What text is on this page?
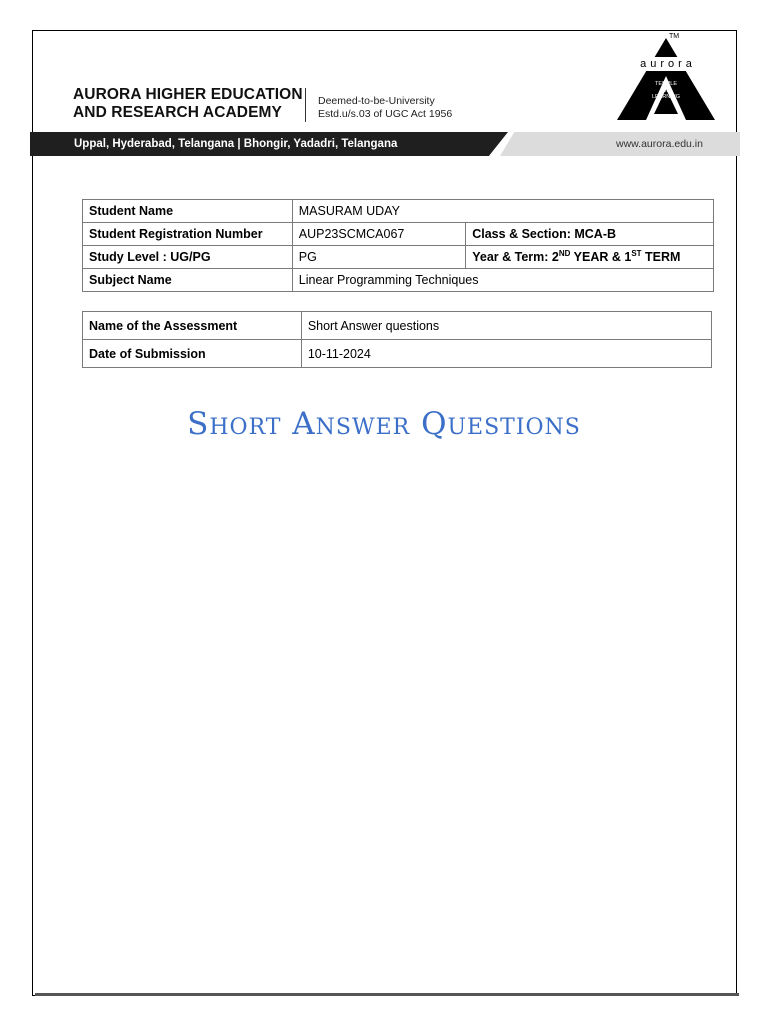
AURORA HIGHER EDUCATION
AND RESEARCH ACADEMY
Deemed-to-be-University
Estd.u/s.03 of UGC Act 1956
TM
aurora
TEMPLE
OF
LEARNING
Uppal, Hyderabad, Telangana | Bhongir, Yadadri, Telangana	www.aurora.edu.in
Student Name	MASURAM UDAY	
Student Registration Number	AUP23SCMCA067	Class & Section: MCA-B
Study Level : UG/PG	PG	Year & Term: 2ND YEAR & 1ST TERM
Subject Name	Linear Programming Techniques	
Name of the Assessment	Short Answer questions
Date of Submission	10-11-2024
Short Answer Questions
